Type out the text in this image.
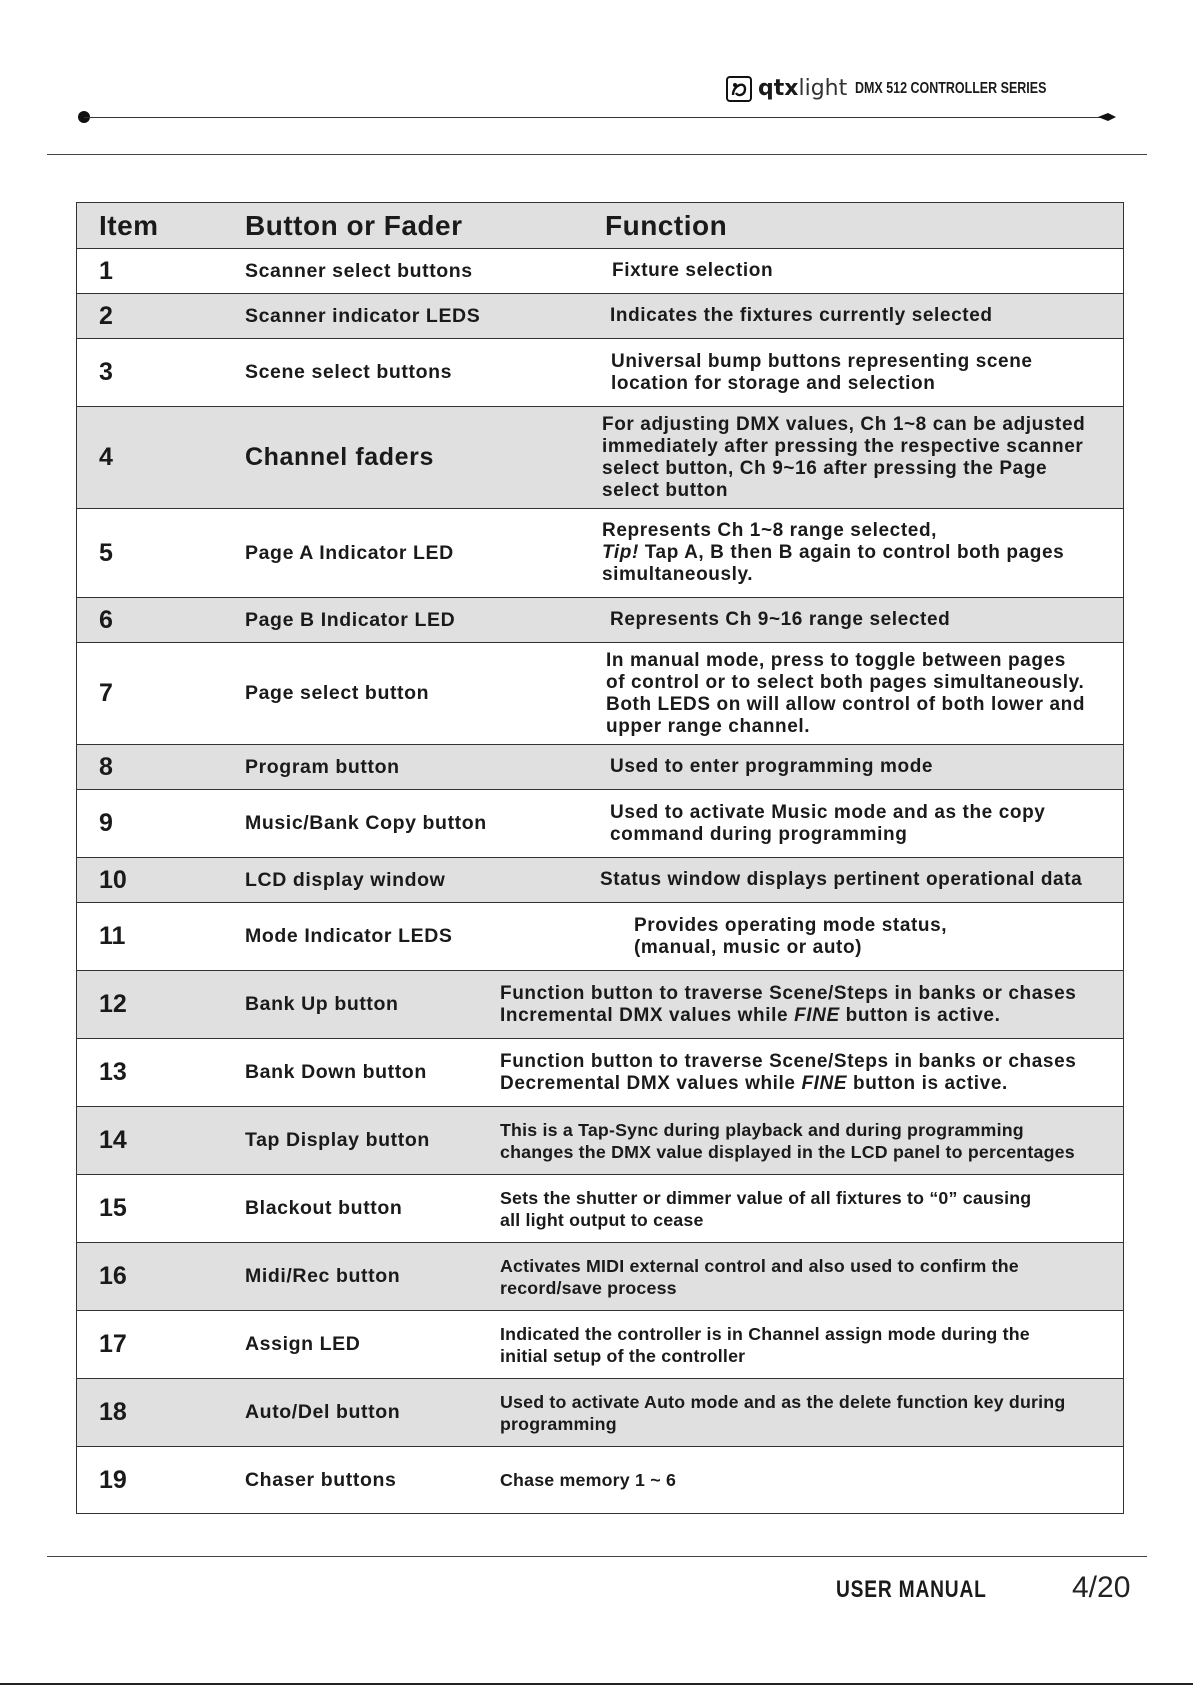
qtxlight DMX 512 CONTROLLER SERIES
Item	Button or Fader	Function
1	Scanner select buttons	Fixture selection
2	Scanner indicator LEDS	Indicates the fixtures currently selected
3	Scene select buttons	Universal bump buttons representing scene
location for storage and selection
4	Channel faders
For adjusting DMX values, Ch 1~8 can be adjusted
immediately after pressing the respective scanner
select button, Ch 9~16 after pressing the Page
select button
5	Page A Indicator LED
Represents Ch 1~8 range selected,
Tip! Tap A, B then B again to control both pages
simultaneously.
6	Page B Indicator LED	Represents Ch 9~16 range selected
7	Page select button
In manual mode, press to toggle between pages
of control or to select both pages simultaneously.
Both LEDS on will allow control of both lower and
upper range channel.
8	Program button	Used to enter programming mode
9	Music/Bank Copy button	Used to activate Music mode and as the copy
command during programming
10	LCD display window	Status window displays pertinent operational data
11	Mode Indicator LEDS	Provides operating mode status,
(manual, music or auto)
12	Bank Up button	Function button to traverse Scene/Steps in banks or chases
Incremental DMX values while FINE button is active.
13	Bank Down button	Function button to traverse Scene/Steps in banks or chases
Decremental DMX values while FINE button is active.
14	Tap Display button	This is a Tap-Sync during playback and during programming
changes the DMX value displayed in the LCD panel to percentages
15	Blackout button	Sets the shutter or dimmer value of all fixtures to “0” causing
all light output to cease
16	Midi/Rec button	Activates MIDI external control and also used to confirm the
record/save process
17	Assign LED	Indicated the controller is in Channel assign mode during the
initial setup of the controller
18	Auto/Del button	Used to activate Auto mode and as the delete function key during
programming
19	Chaser buttons	Chase memory 1 ~ 6
USER MANUAL	4/20
